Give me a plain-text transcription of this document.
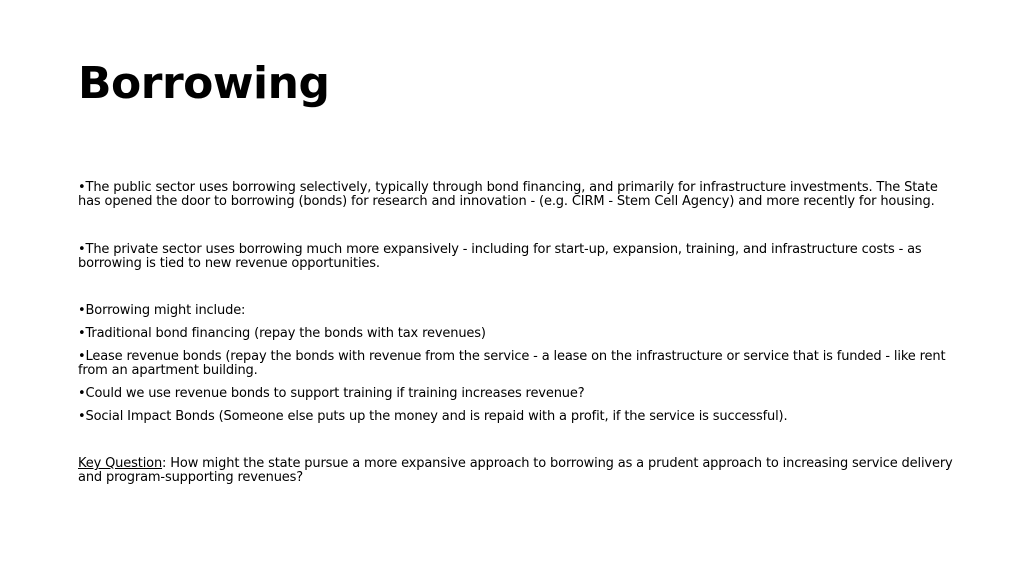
Borrowing

•The public sector uses borrowing selectively, typically through bond financing, and primarily for infrastructure investments. The State has opened the door to borrowing (bonds) for research and innovation - (e.g. CIRM - Stem Cell Agency) and more recently for housing.

•The private sector uses borrowing much more expansively - including for start-up, expansion, training, and infrastructure costs - as borrowing is tied to new revenue opportunities.

•Borrowing might include:

•Traditional bond financing (repay the bonds with tax revenues)

•Lease revenue bonds (repay the bonds with revenue from the service - a lease on the infrastructure or service that is funded - like rent from an apartment building.

•Could we use revenue bonds to support training if training increases revenue?

•Social Impact Bonds (Someone else puts up the money and is repaid with a profit, if the service is successful).

Key Question: How might the state pursue a more expansive approach to borrowing as a prudent approach to increasing service delivery and program-supporting revenues?
